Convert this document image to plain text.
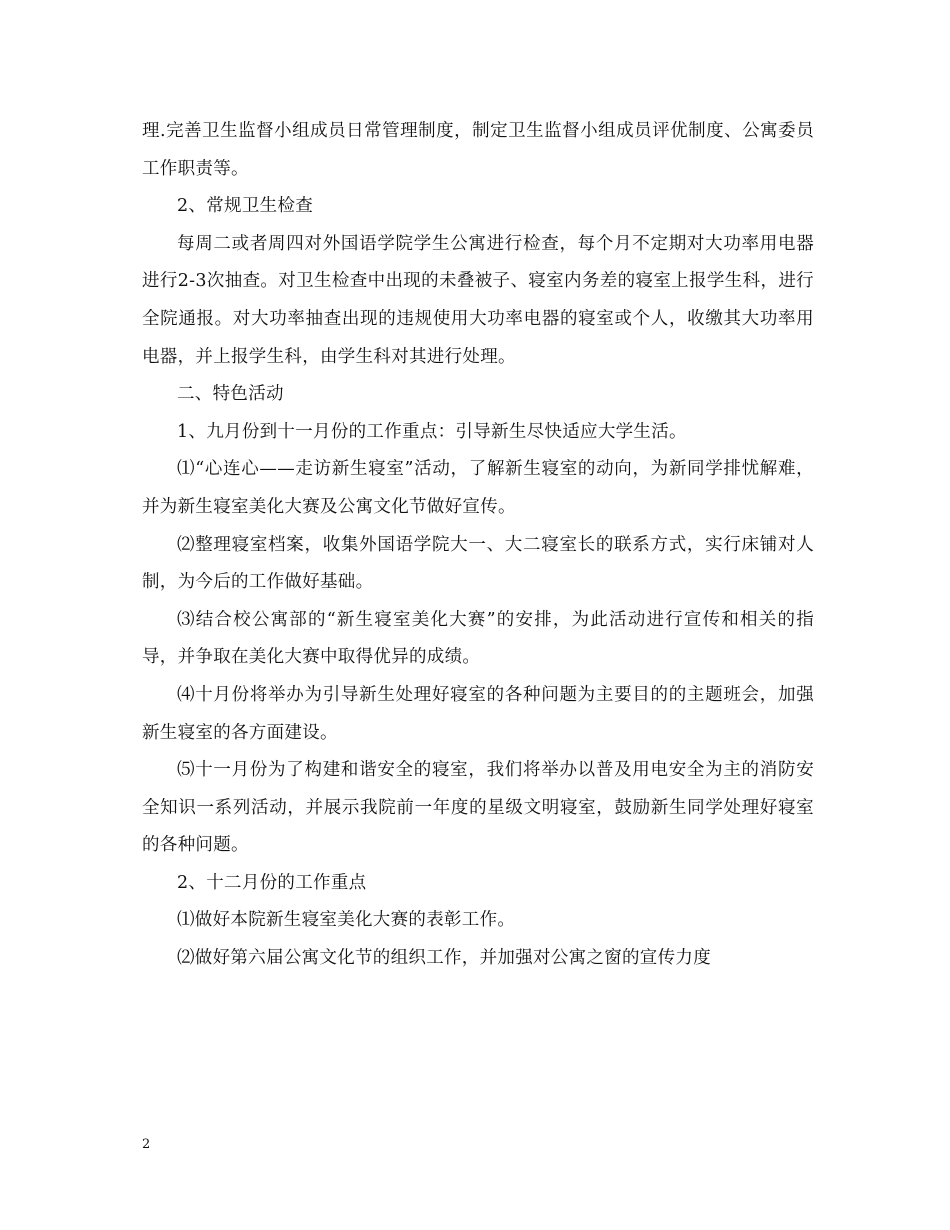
理.完善卫生监督小组成员日常管理制度，制定卫生监督小组成员评优制度、公寓委员工作职责等。

2、常规卫生检查

每周二或者周四对外国语学院学生公寓进行检查，每个月不定期对大功率用电器进行2-3次抽查。对卫生检查中出现的未叠被子、寝室内务差的寝室上报学生科，进行全院通报。对大功率抽查出现的违规使用大功率电器的寝室或个人，收缴其大功率用电器，并上报学生科，由学生科对其进行处理。

二、特色活动

1、九月份到十一月份的工作重点：引导新生尽快适应大学生活。

⑴“心连心——走访新生寝室”活动，了解新生寝室的动向，为新同学排忧解难，并为新生寝室美化大赛及公寓文化节做好宣传。

⑵整理寝室档案，收集外国语学院大一、大二寝室长的联系方式，实行床铺对人制，为今后的工作做好基础。

⑶结合校公寓部的“新生寝室美化大赛”的安排，为此活动进行宣传和相关的指导，并争取在美化大赛中取得优异的成绩。

⑷十月份将举办为引导新生处理好寝室的各种问题为主要目的的主题班会，加强新生寝室的各方面建设。

⑸十一月份为了构建和谐安全的寝室，我们将举办以普及用电安全为主的消防安全知识一系列活动，并展示我院前一年度的星级文明寝室，鼓励新生同学处理好寝室的各种问题。

2、十二月份的工作重点

⑴做好本院新生寝室美化大赛的表彰工作。

⑵做好第六届公寓文化节的组织工作，并加强对公寓之窗的宣传力度

2
